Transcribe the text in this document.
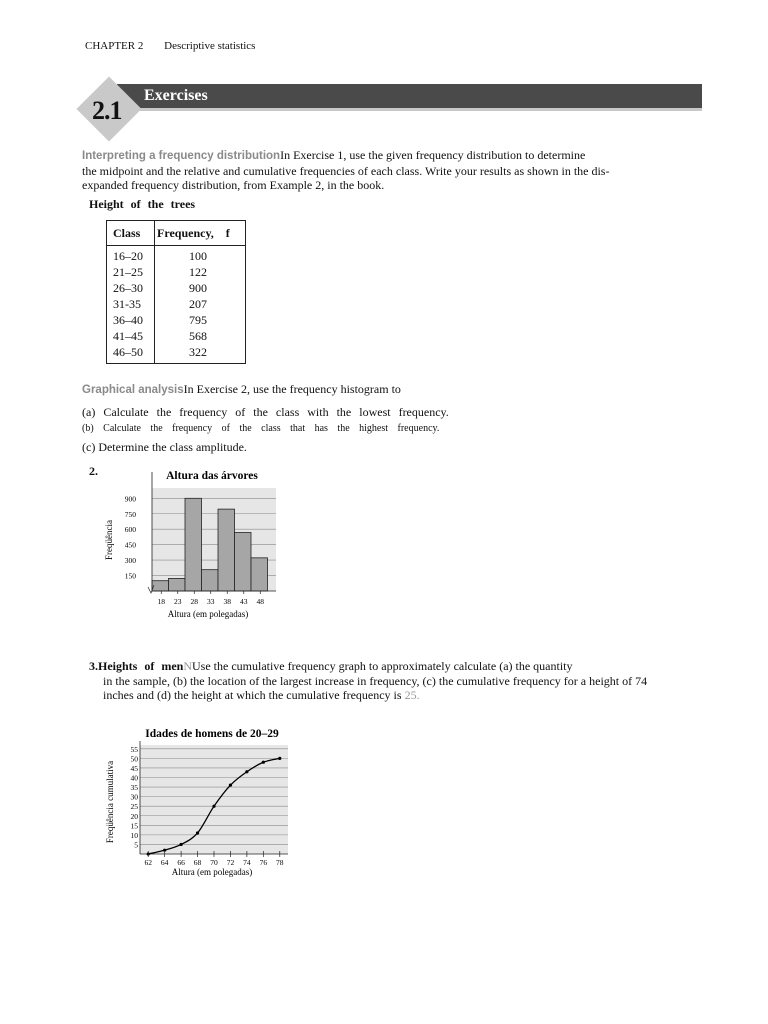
CHAPTER 2 Descriptive statistics
Exercises
2.1
Interpreting a frequency distributionIn Exercise 1, use the given frequency distribution to determine
the midpoint and the relative and cumulative frequencies of each class. Write your results as shown in the dis-
expanded frequency distribution, from Example 2, in the book.
Height of the trees
Class Frequency, f
16–20	100
21–25	122
26–30	900
31-35	207
36–40	795
41–45	568
46–50	322
Graphical analysisIn Exercise 2, use the frequency histogram to
(a) Calculate the frequency of the class with the lowest frequency.
(b) Calculate the frequency of the class that has the highest frequency.
(c) Determine the class amplitude.
2.	Altura das árvores
150
300
450
600
750
900
18 23 28 33 38 43 48
Altura (em polegadas)
Freqüência
3.Heights of menNUse the cumulative frequency graph to approximately calculate (a) the quantity
in the sample, (b) the location of the largest increase in frequency, (c) the cumulative frequency for a height of 74
inches and (d) the height at which the cumulative frequency is 25.
Idades de homens de 20–29
5
10
15
20
25
30
35
40
45
50
55
62 64 66 68 70 72 74 76 78
Altura (em polegadas)
Freqüência cumulativa
